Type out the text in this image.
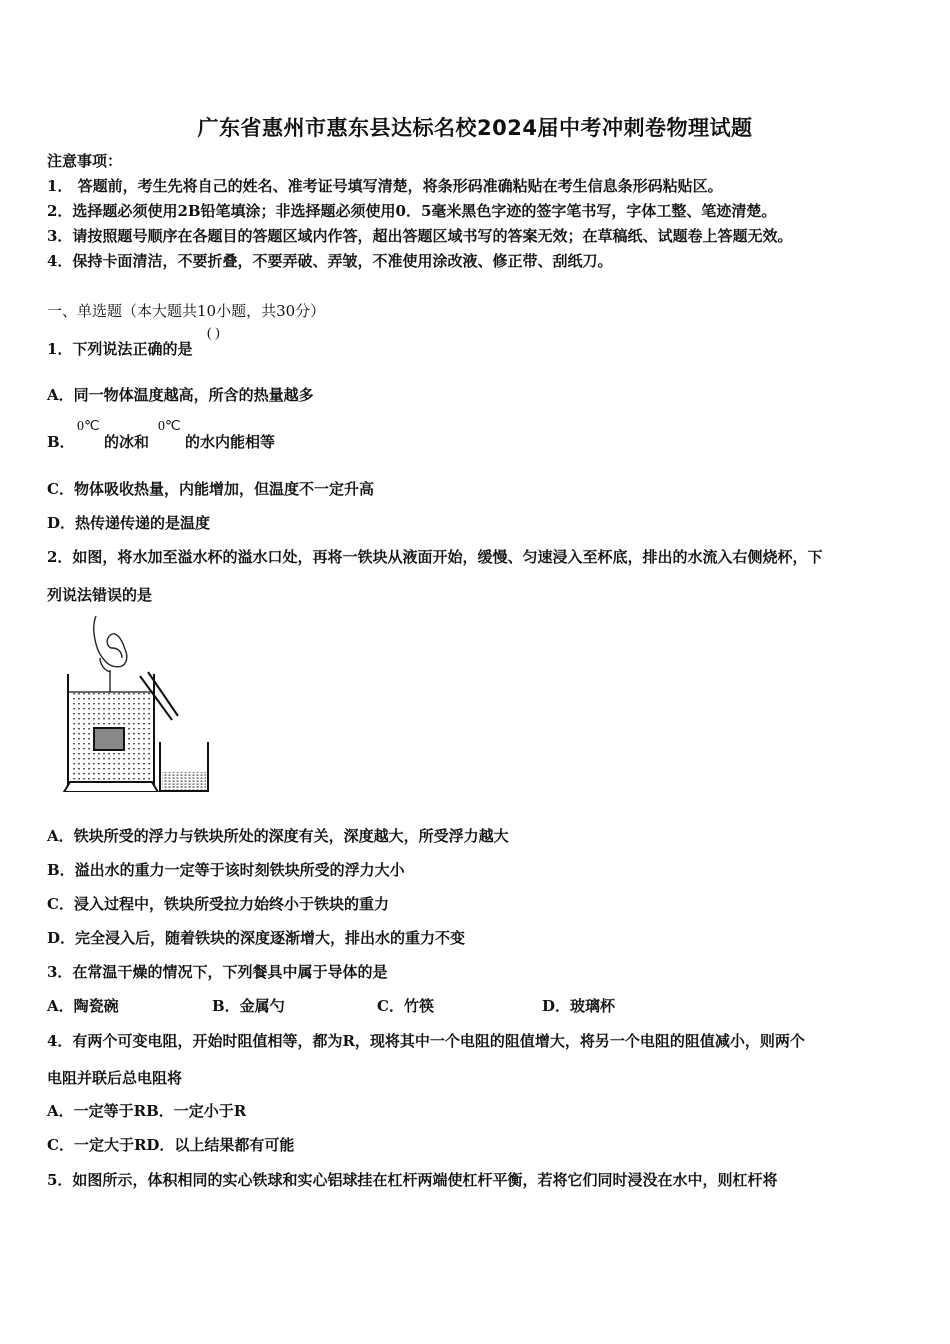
广东省惠州市惠东县达标名校2024届中考冲刺卷物理试题
注意事项：
1． 答题前，考生先将自己的姓名、准考证号填写清楚，将条形码准确粘贴在考生信息条形码粘贴区。
2．选择题必须使用2B铅笔填涂；非选择题必须使用0．5毫米黑色字迹的签字笔书写，字体工整、笔迹清楚。
3．请按照题号顺序在各题目的答题区域内作答，超出答题区域书写的答案无效；在草稿纸、试题卷上答题无效。
4．保持卡面清洁，不要折叠，不要弄破、弄皱，不准使用涂改液、修正带、刮纸刀。
一、单选题（本大题共10小题，共30分）
1．下列说法正确的是
( )
A．同一物体温度越高，所含的热量越多
B．
0℃
的冰和
0℃
的水内能相等
C．物体吸收热量，内能增加，但温度不一定升高
D．热传递传递的是温度
2．如图，将水加至溢水杯的溢水口处，再将一铁块从液面开始，缓慢、匀速浸入至杯底，排出的水流入右侧烧杯，下
列说法错误的是
A．铁块所受的浮力与铁块所处的深度有关，深度越大，所受浮力越大
B．溢出水的重力一定等于该时刻铁块所受的浮力大小
C．浸入过程中，铁块所受拉力始终小于铁块的重力
D．完全浸入后，随着铁块的深度逐渐增大，排出水的重力不变
3．在常温干燥的情况下，下列餐具中属于导体的是
A．陶瓷碗	B．金属勺	C．竹筷	D．玻璃杯
4．有两个可变电阻，开始时阻值相等，都为R，现将其中一个电阻的阻值增大，将另一个电阻的阻值减小，则两个
电阻并联后总电阻将
A．一定等于RB．一定小于R
C．一定大于RD．以上结果都有可能
5．如图所示，体积相同的实心铁球和实心铝球挂在杠杆两端使杠杆平衡，若将它们同时浸没在水中，则杠杆将
